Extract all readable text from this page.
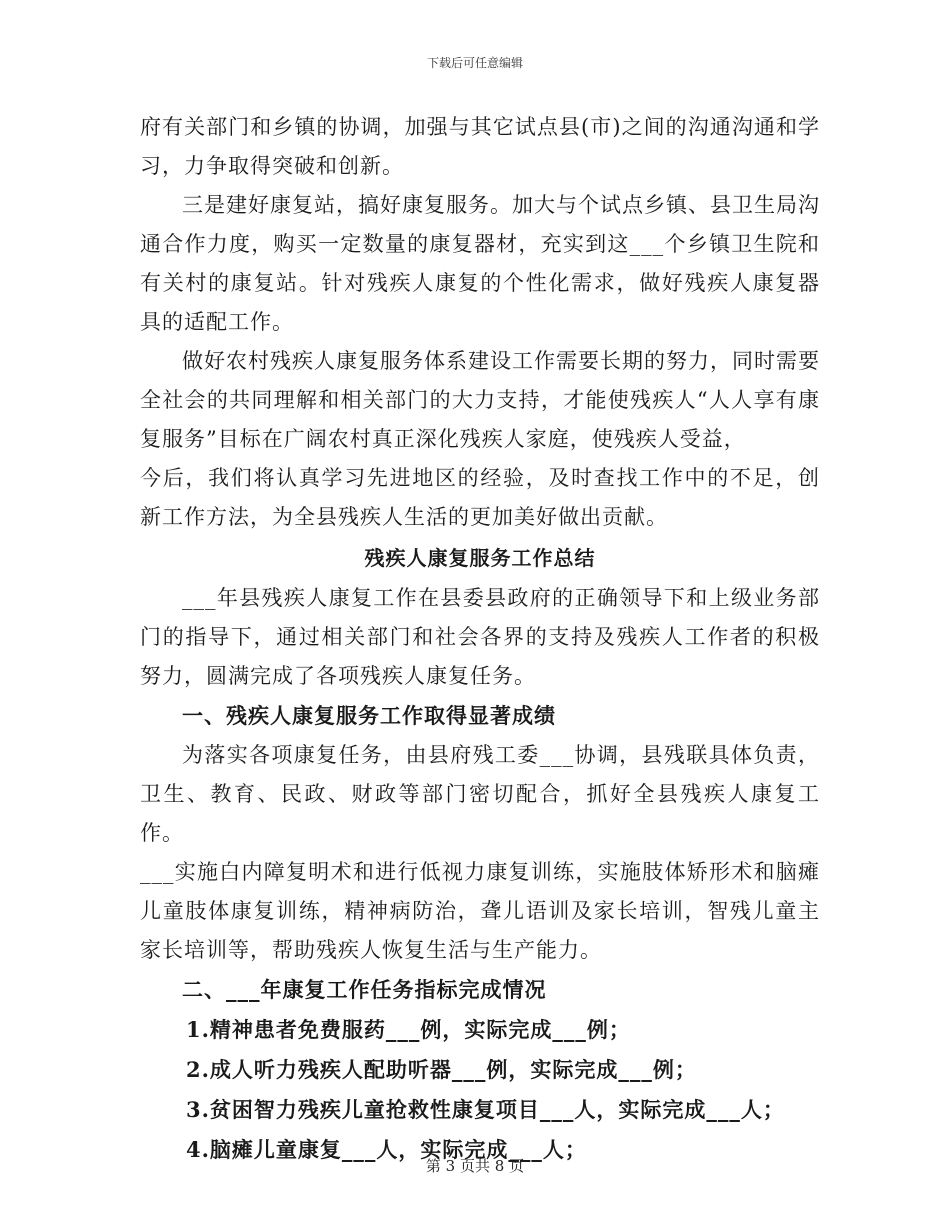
下载后可任意编辑

府有关部门和乡镇的协调，加强与其它试点县(市)之间的沟通沟通和学习，力争取得突破和创新。

三是建好康复站，搞好康复服务。加大与个试点乡镇、县卫生局沟通合作力度，购买一定数量的康复器材，充实到这___个乡镇卫生院和有关村的康复站。针对残疾人康复的个性化需求，做好残疾人康复器具的适配工作。

做好农村残疾人康复服务体系建设工作需要长期的努力，同时需要全社会的共同理解和相关部门的大力支持，才能使残疾人“人人享有康复服务”目标在广阔农村真正深化残疾人家庭，使残疾人受益，

今后，我们将认真学习先进地区的经验，及时查找工作中的不足，创新工作方法，为全县残疾人生活的更加美好做出贡献。

残疾人康复服务工作总结

___年县残疾人康复工作在县委县政府的正确领导下和上级业务部门的指导下，通过相关部门和社会各界的支持及残疾人工作者的积极努力，圆满完成了各项残疾人康复任务。

一、残疾人康复服务工作取得显著成绩

为落实各项康复任务，由县府残工委___协调，县残联具体负责，卫生、教育、民政、财政等部门密切配合，抓好全县残疾人康复工作。

___实施白内障复明术和进行低视力康复训练，实施肢体矫形术和脑瘫儿童肢体康复训练，精神病防治，聋儿语训及家长培训，智残儿童主家长培训等，帮助残疾人恢复生活与生产能力。

二、___年康复工作任务指标完成情况

1.精神患者免费服药___例，实际完成___例；

2.成人听力残疾人配助听器___例，实际完成___例；

3.贫困智力残疾儿童抢救性康复项目___人，实际完成___人；

4.脑瘫儿童康复___人，实际完成___人；

第 3 页共 8 页
